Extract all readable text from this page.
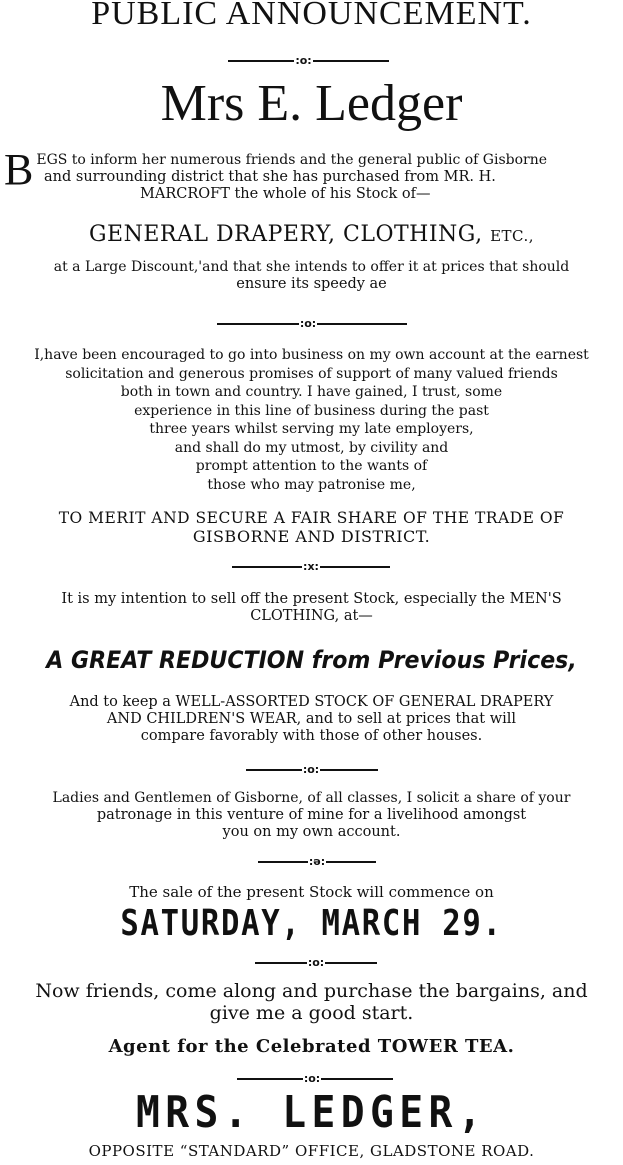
PUBLIC ANNOUNCEMENT.
:o:
Mrs E. Ledger
B EGS to inform her numerous friends and the general public of Gisborne
and surrounding district that she has purchased from MR. H.
MARCROFT the whole of his Stock of—
GENERAL DRAPERY, CLOTHING, ETC.,
at a Large Discount,'and that she intends to offer it at prices that should
ensure its speedy ae
:o:
I,have been encouraged to go into business on my own account at the earnest
solicitation and generous promises of support of many valued friends
both in town and country. I have gained, I trust, some
experience in this line of business during the past
three years whilst serving my late employers,
and shall do my utmost, by civility and
prompt attention to the wants of
those who may patronise me,
TO MERIT AND SECURE A FAIR SHARE OF THE TRADE OF
GISBORNE AND DISTRICT.
:x:
It is my intention to sell off the present Stock, especially the MEN'S
CLOTHING, at—
A GREAT REDUCTION from Previous Prices,
And to keep a WELL-ASSORTED STOCK OF GENERAL DRAPERY
AND CHILDREN'S WEAR, and to sell at prices that will
compare favorably with those of other houses.
:o:
Ladies and Gentlemen of Gisborne, of all classes, I solicit a share of your
patronage in this venture of mine for a livelihood amongst
you on my own account.
:ə:
The sale of the present Stock will commence on
SATURDAY, MARCH 29.
:o:
Now friends, come along and purchase the bargains, and
give me a good start.
Agent for the Celebrated TOWER TEA.
:o:
MRS. LEDGER,
OPPOSITE “STANDARD” OFFICE, GLADSTONE ROAD.
